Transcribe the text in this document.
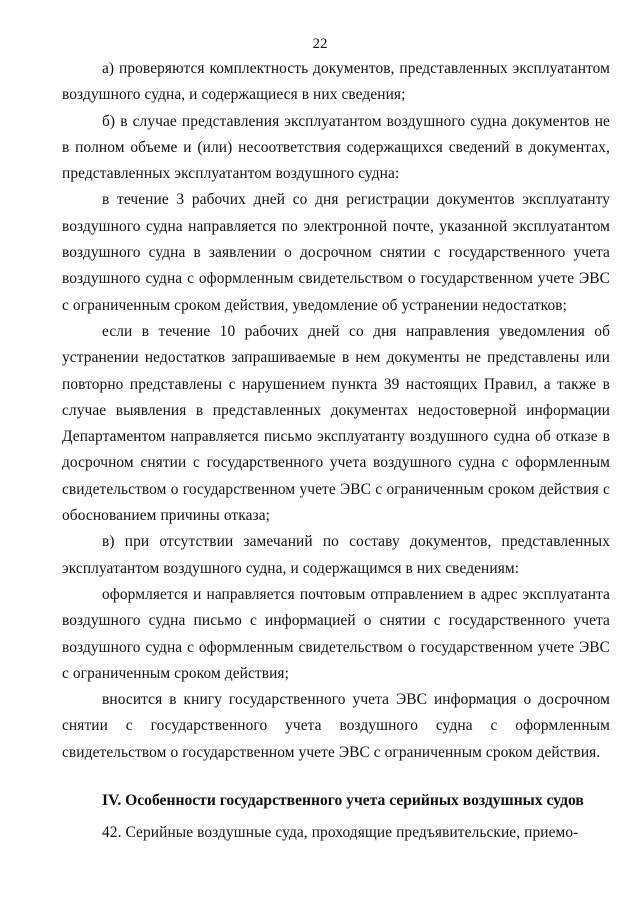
22

а) проверяются комплектность документов, представленных эксплуатантом воздушного судна, и содержащиеся в них сведения;

б) в случае представления эксплуатантом воздушного судна документов не в полном объеме и (или) несоответствия содержащихся сведений в документах, представленных эксплуатантом воздушного судна:

в течение 3 рабочих дней со дня регистрации документов эксплуатанту воздушного судна направляется по электронной почте, указанной эксплуатантом воздушного судна в заявлении о досрочном снятии с государственного учета воздушного судна с оформленным свидетельством о государственном учете ЭВС с ограниченным сроком действия, уведомление об устранении недостатков;

если в течение 10 рабочих дней со дня направления уведомления об устранении недостатков запрашиваемые в нем документы не представлены или повторно представлены с нарушением пункта 39 настоящих Правил, а также в случае выявления в представленных документах недостоверной информации Департаментом направляется письмо эксплуатанту воздушного судна об отказе в досрочном снятии с государственного учета воздушного судна с оформленным свидетельством о государственном учете ЭВС с ограниченным сроком действия с обоснованием причины отказа;

в) при отсутствии замечаний по составу документов, представленных эксплуатантом воздушного судна, и содержащимся в них сведениям:

оформляется и направляется почтовым отправлением в адрес эксплуатанта воздушного судна письмо с информацией о снятии с государственного учета воздушного судна с оформленным свидетельством о государственном учете ЭВС с ограниченным сроком действия;

вносится в книгу государственного учета ЭВС информация о досрочном снятии с государственного учета воздушного судна с оформленным свидетельством о государственном учете ЭВС с ограниченным сроком действия.

IV. Особенности государственного учета серийных воздушных судов

42. Серийные воздушные суда, проходящие предъявительские, приемо-
